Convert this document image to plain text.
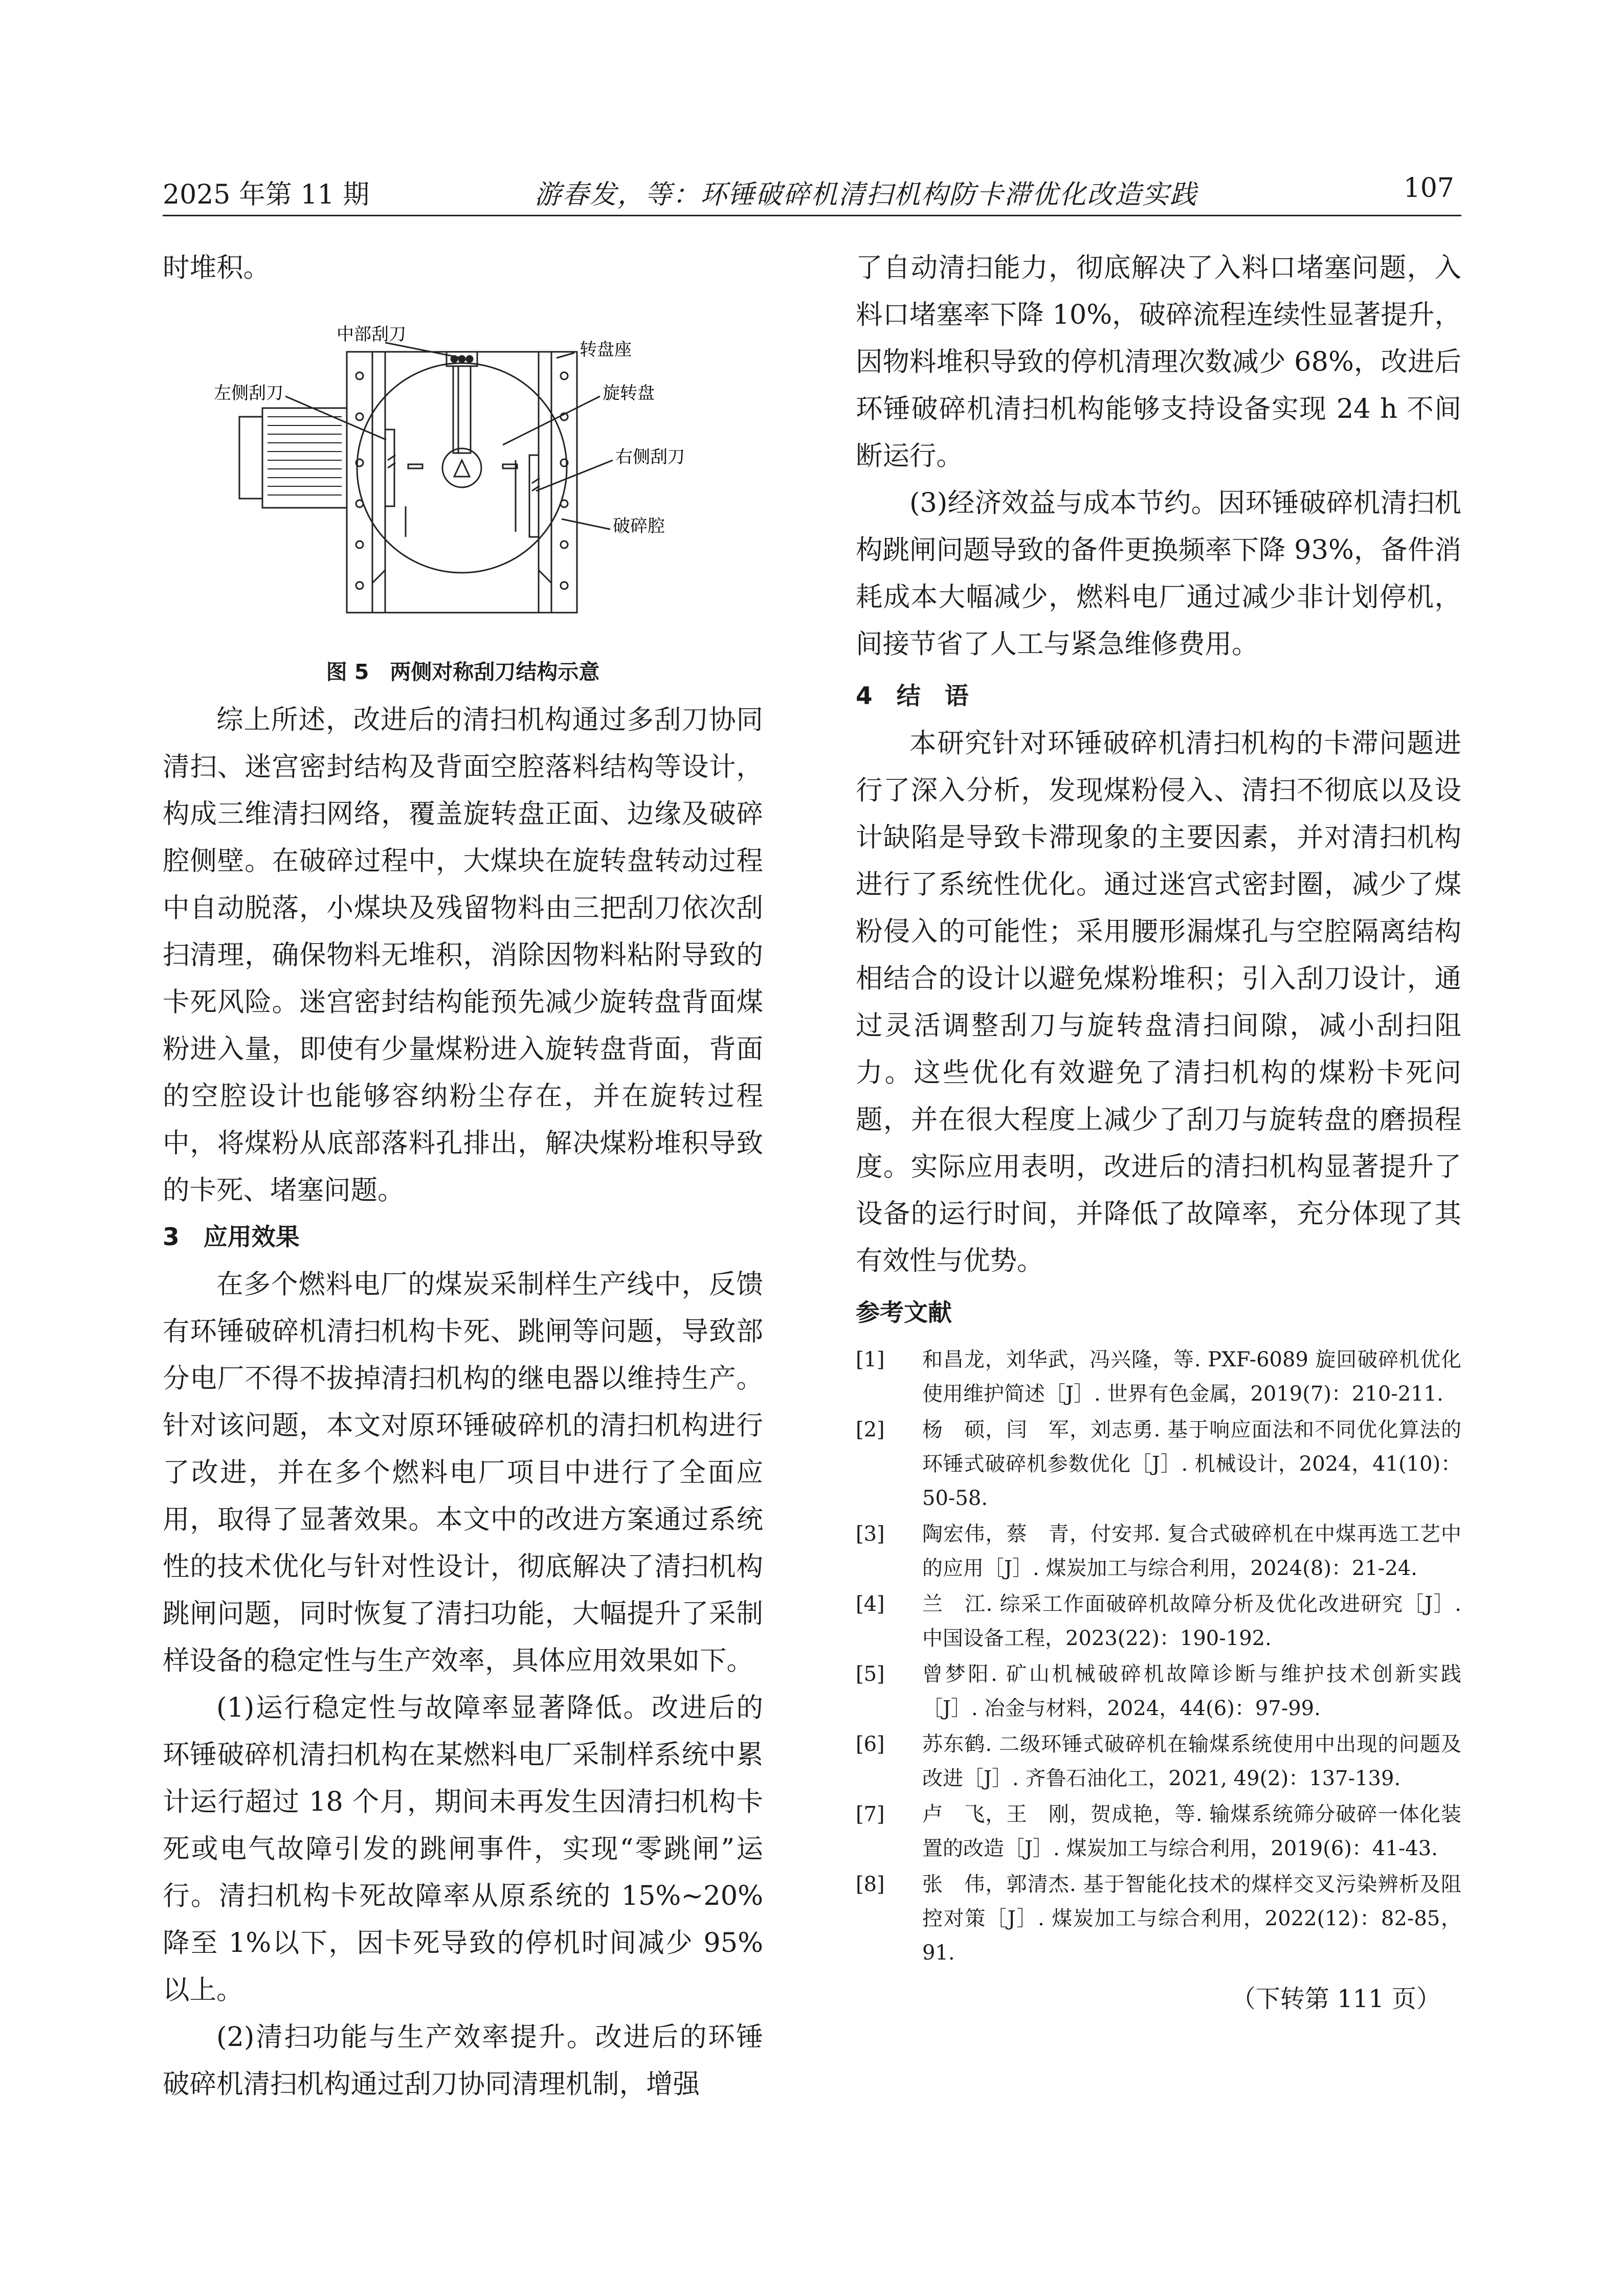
2025 年第 11 期	游春发，等：环锤破碎机清扫机构防卡滞优化改造实践	107

时堆积。

中部刮刀
转盘座
左侧刮刀	旋转盘
右侧刮刀
破碎腔
图 5　两侧对称刮刀结构示意

综上所述，改进后的清扫机构通过多刮刀协同清扫、迷宫密封结构及背面空腔落料结构等设计，构成三维清扫网络，覆盖旋转盘正面、边缘及破碎腔侧壁。在破碎过程中，大煤块在旋转盘转动过程中自动脱落，小煤块及残留物料由三把刮刀依次刮扫清理，确保物料无堆积，消除因物料粘附导致的卡死风险。迷宫密封结构能预先减少旋转盘背面煤粉进入量，即使有少量煤粉进入旋转盘背面，背面的空腔设计也能够容纳粉尘存在，并在旋转过程中，将煤粉从底部落料孔排出，解决煤粉堆积导致的卡死、堵塞问题。

3　应用效果

在多个燃料电厂的煤炭采制样生产线中，反馈有环锤破碎机清扫机构卡死、跳闸等问题，导致部分电厂不得不拔掉清扫机构的继电器以维持生产。针对该问题，本文对原环锤破碎机的清扫机构进行了改进，并在多个燃料电厂项目中进行了全面应用，取得了显著效果。本文中的改进方案通过系统性的技术优化与针对性设计，彻底解决了清扫机构跳闸问题，同时恢复了清扫功能，大幅提升了采制样设备的稳定性与生产效率，具体应用效果如下。

(1)运行稳定性与故障率显著降低。改进后的环锤破碎机清扫机构在某燃料电厂采制样系统中累计运行超过 18 个月，期间未再发生因清扫机构卡死或电气故障引发的跳闸事件，实现“零跳闸”运行。清扫机构卡死故障率从原系统的 15%~20%降至 1%以下，因卡死导致的停机时间减少 95%以上。

(2)清扫功能与生产效率提升。改进后的环锤破碎机清扫机构通过刮刀协同清理机制，增强

了自动清扫能力，彻底解决了入料口堵塞问题，入料口堵塞率下降 10%，破碎流程连续性显著提升，因物料堆积导致的停机清理次数减少 68%，改进后环锤破碎机清扫机构能够支持设备实现 24 h 不间断运行。

(3)经济效益与成本节约。因环锤破碎机清扫机构跳闸问题导致的备件更换频率下降 93%，备件消耗成本大幅减少，燃料电厂通过减少非计划停机，间接节省了人工与紧急维修费用。

4　结　语

本研究针对环锤破碎机清扫机构的卡滞问题进行了深入分析，发现煤粉侵入、清扫不彻底以及设计缺陷是导致卡滞现象的主要因素，并对清扫机构进行了系统性优化。通过迷宫式密封圈，减少了煤粉侵入的可能性；采用腰形漏煤孔与空腔隔离结构相结合的设计以避免煤粉堆积；引入刮刀设计，通过灵活调整刮刀与旋转盘清扫间隙，减小刮扫阻力。这些优化有效避免了清扫机构的煤粉卡死问题，并在很大程度上减少了刮刀与旋转盘的磨损程度。实际应用表明，改进后的清扫机构显著提升了设备的运行时间，并降低了故障率，充分体现了其有效性与优势。

参考文献

[1]	和昌龙，刘华武，冯兴隆，等. PXF-6089 旋回破碎机优化使用维护简述［J］. 世界有色金属，2019(7)：210-211.
[2]	杨　硕，闫　军，刘志勇. 基于响应面法和不同优化算法的环锤式破碎机参数优化［J］. 机械设计，2024，41(10)：50-58.
[3]	陶宏伟，蔡　青，付安邦. 复合式破碎机在中煤再选工艺中的应用［J］. 煤炭加工与综合利用，2024(8)：21-24.
[4]	兰　江. 综采工作面破碎机故障分析及优化改进研究［J］. 中国设备工程，2023(22)：190-192.
[5]	曾梦阳. 矿山机械破碎机故障诊断与维护技术创新实践［J］. 冶金与材料，2024，44(6)：97-99.
[6]	苏东鹤. 二级环锤式破碎机在输煤系统使用中出现的问题及改进［J］. 齐鲁石油化工，2021, 49(2)：137-139.
[7]	卢　飞，王　刚，贺成艳，等. 输煤系统筛分破碎一体化装置的改造［J］. 煤炭加工与综合利用，2019(6)：41-43.
[8]	张　伟，郭清杰. 基于智能化技术的煤样交叉污染辨析及阻控对策［J］. 煤炭加工与综合利用，2022(12)：82-85，91.
（下转第 111 页）
